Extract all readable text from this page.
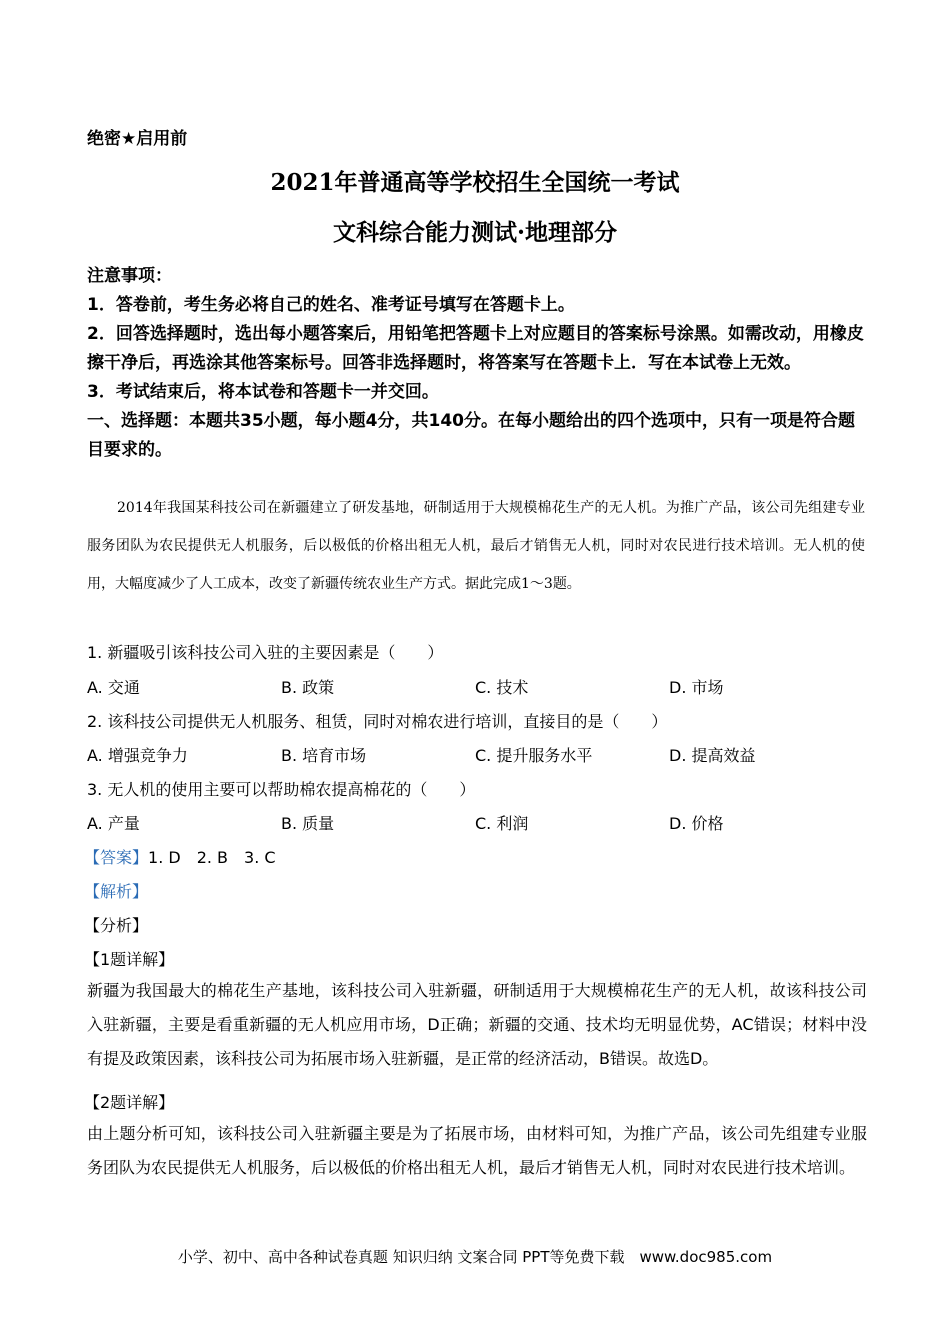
绝密★启用前
2021年普通高等学校招生全国统一考试
文科综合能力测试·地理部分

注意事项：

1．答卷前，考生务必将自己的姓名、准考证号填写在答题卡上。

2．回答选择题时，选出每小题答案后，用铅笔把答题卡上对应题目的答案标号涂黑。如需改动，用橡皮擦干净后，再选涂其他答案标号。回答非选择题时，将答案写在答题卡上．写在本试卷上无效。

3．考试结束后，将本试卷和答题卡一并交回。

一、选择题：本题共35小题，每小题4分，共140分。在每小题给出的四个选项中，只有一项是符合题目要求的。

2014年我国某科技公司在新疆建立了研发基地，研制适用于大规模棉花生产的无人机。为推广产品，该公司先组建专业服务团队为农民提供无人机服务，后以极低的价格出租无人机，最后才销售无人机，同时对农民进行技术培训。无人机的使用，大幅度减少了人工成本，改变了新疆传统农业生产方式。据此完成1～3题。

1. 新疆吸引该科技公司入驻的主要因素是（　　）
A. 交通	B. 政策	C. 技术	D. 市场
2. 该科技公司提供无人机服务、租赁，同时对棉农进行培训，直接目的是（　　）
A. 增强竞争力	B. 培育市场	C. 提升服务水平	D. 提高效益
3. 无人机的使用主要可以帮助棉农提高棉花的（　　）
A. 产量	B. 质量	C. 利润	D. 价格
【答案】1. D　2. B　3. C
【解析】
【分析】
【1题详解】

新疆为我国最大的棉花生产基地，该科技公司入驻新疆，研制适用于大规模棉花生产的无人机，故该科技公司入驻新疆，主要是看重新疆的无人机应用市场，D正确；新疆的交通、技术均无明显优势，AC错误；材料中没有提及政策因素，该科技公司为拓展市场入驻新疆，是正常的经济活动，B错误。故选D。

【2题详解】

由上题分析可知，该科技公司入驻新疆主要是为了拓展市场，由材料可知，为推广产品，该公司先组建专业服务团队为农民提供无人机服务，后以极低的价格出租无人机，最后才销售无人机，同时对农民进行技术培训。

小学、初中、高中各种试卷真题 知识归纳 文案合同 PPT等免费下载　www.doc985.com
